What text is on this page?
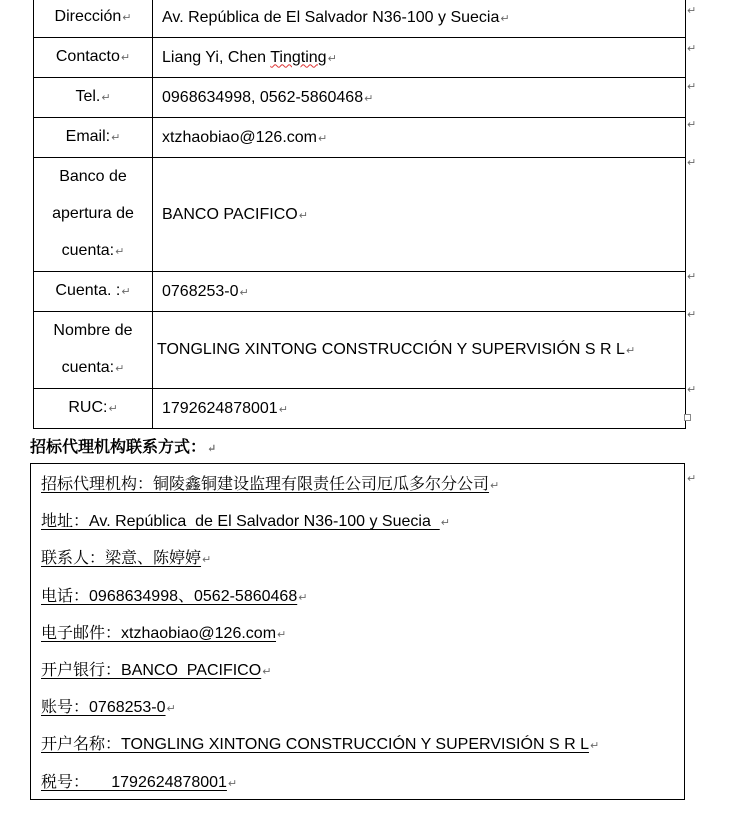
Dirección↵	Av. República de El Salvador N36-100 y Suecia↵
Contacto↵	Liang Yi, Chen Tingting↵
Tel.↵	0968634998, 0562-5860468↵
Email:↵	xtzhaobiao@126.com↵
Banco de
apertura de
cuenta:↵	BANCO PACIFICO↵
Cuenta. :↵	0768253-0↵
Nombre de
cuenta:↵	TONGLING XINTONG CONSTRUCCIÓN Y SUPERVISIÓN S R L↵
RUC:↵	1792624878001↵
↵
↵
↵
↵
↵
↵
↵
↵
招标代理机构联系方式：↵
招标代理机构：铜陵鑫铜建设监理有限责任公司厄瓜多尔分公司↵
地址：Av. República  de El Salvador N36-100 y Suecia  ↵
联系人：梁意、陈婷婷↵
电话：0968634998、0562-5860468↵
电子邮件：xtzhaobiao@126.com↵
开户银行：BANCO  PACIFICO↵
账号：0768253-0↵
开户名称：TONGLING XINTONG CONSTRUCCIÓN Y SUPERVISIÓN S R L↵
税号：     1792624878001↵
↵
